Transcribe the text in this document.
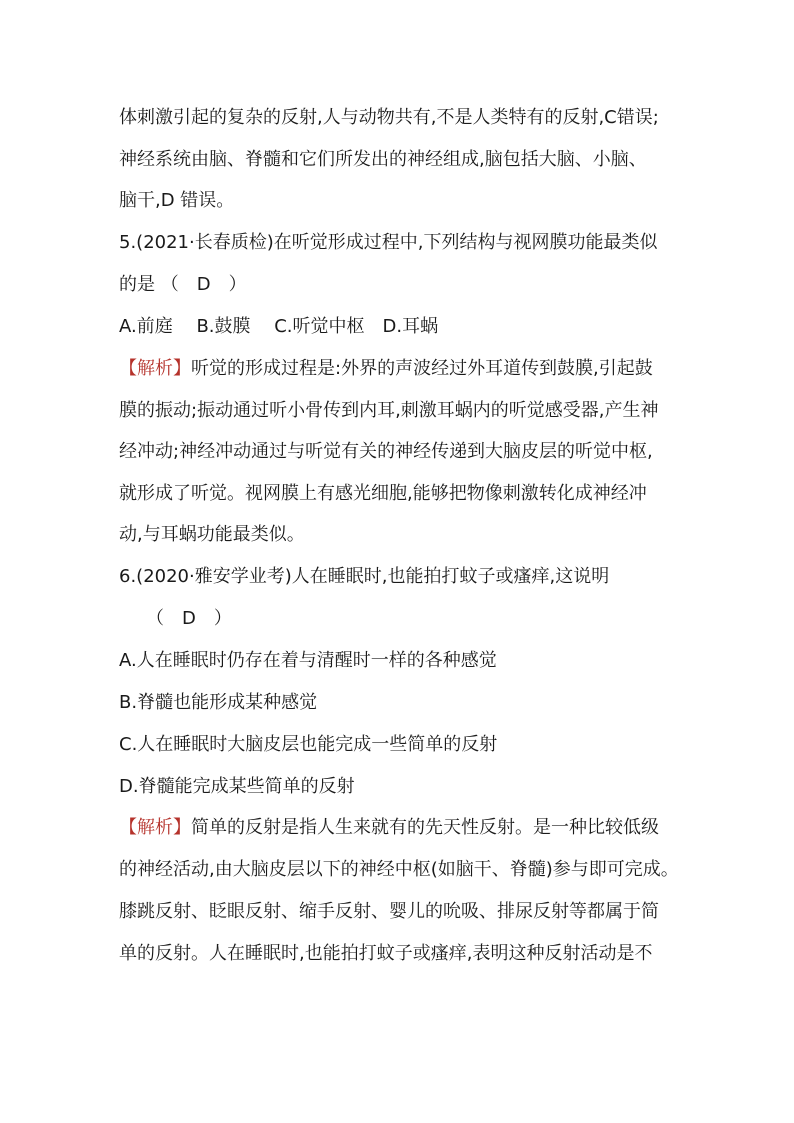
体刺激引起的复杂的反射,人与动物共有,不是人类特有的反射,C错误;
神经系统由脑、脊髓和它们所发出的神经组成,脑包括大脑、小脑、
脑干,D 错误。
5.(2021·长春质检)在听觉形成过程中,下列结构与视网膜功能最类似
的是 （　D　）
A.前庭　 B.鼓膜　 C.听觉中枢　D.耳蜗
【解析】听觉的形成过程是:外界的声波经过外耳道传到鼓膜,引起鼓
膜的振动;振动通过听小骨传到内耳,刺激耳蜗内的听觉感受器,产生神
经冲动;神经冲动通过与听觉有关的神经传递到大脑皮层的听觉中枢,
就形成了听觉。视网膜上有感光细胞,能够把物像刺激转化成神经冲
动,与耳蜗功能最类似。
6.(2020·雅安学业考)人在睡眠时,也能拍打蚊子或瘙痒,这说明
（　D　）
A.人在睡眠时仍存在着与清醒时一样的各种感觉
B.脊髓也能形成某种感觉
C.人在睡眠时大脑皮层也能完成一些简单的反射
D.脊髓能完成某些简单的反射
【解析】简单的反射是指人生来就有的先天性反射。是一种比较低级
的神经活动,由大脑皮层以下的神经中枢(如脑干、脊髓)参与即可完成。
膝跳反射、眨眼反射、缩手反射、婴儿的吮吸、排尿反射等都属于简
单的反射。人在睡眠时,也能拍打蚊子或瘙痒,表明这种反射活动是不
